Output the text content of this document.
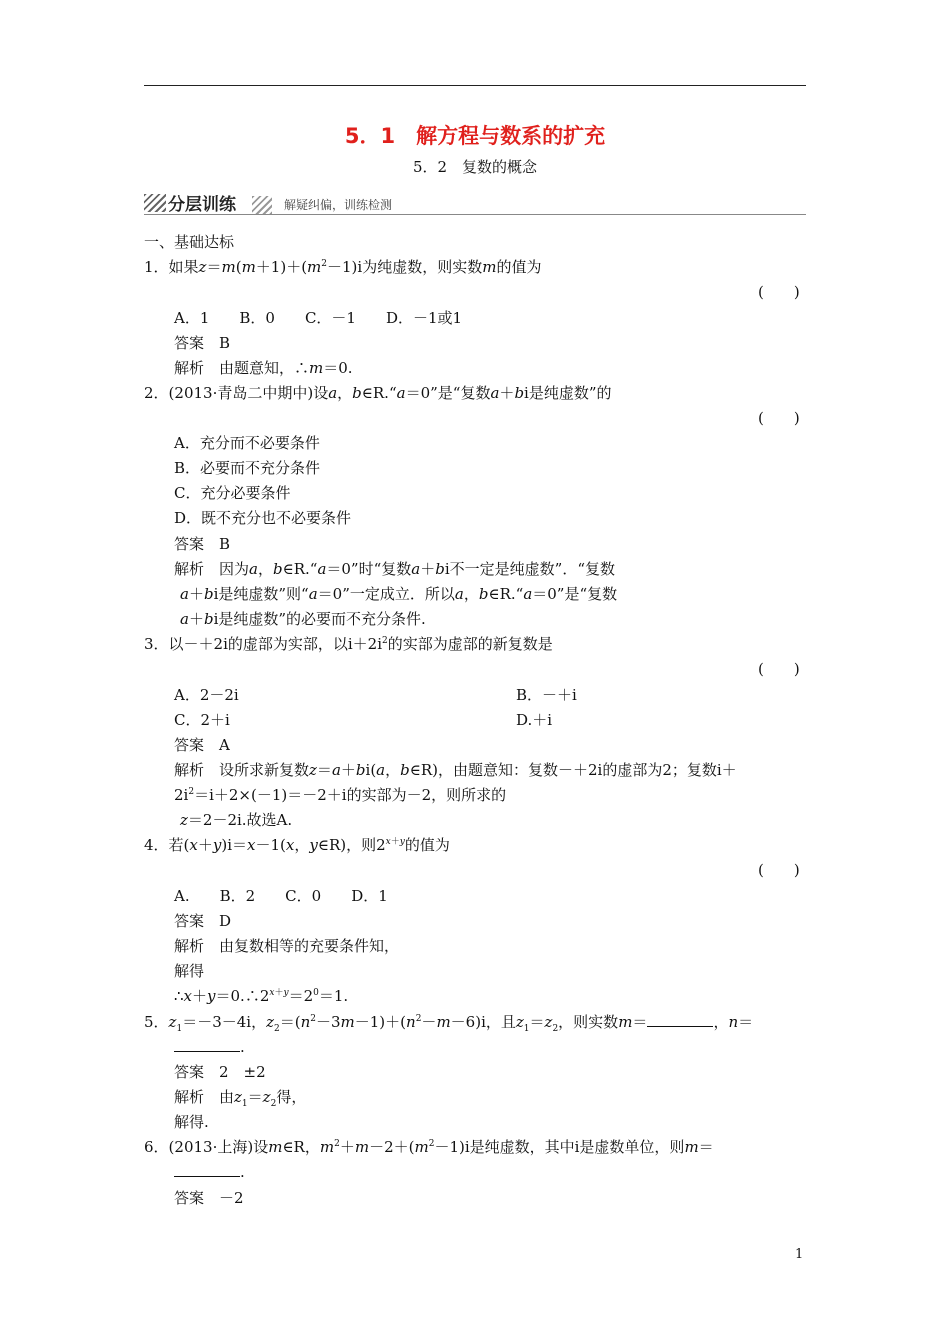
5．1　解方程与数系的扩充
5．2　复数的概念
分层训练	解疑纠偏，训练检测
一、基础达标
1．如果$z=m(m+1)+(m^2-1)i$为纯虚数，则实数m的值为
(　　)
A．1　　B．0　　C．－1　　D．－1或1
答案　B
解析　由题意知，∴m＝0.
2．(2013·青岛二中期中)设a，b∈R.“a＝0”是“复数a＋bi是纯虚数”的
(　　)
A．充分而不必要条件
B．必要而不充分条件
C．充分必要条件
D．既不充分也不必要条件
答案　B
解析　因为a，b∈R.“a＝0”时“复数a＋bi不一定是纯虚数”．“复数
a＋bi是纯虚数”则“a＝0”一定成立．所以a，b∈R.“a＝0”是“复数
a＋bi是纯虚数”的必要而不充分条件.
3．以－＋2i的虚部为实部，以$i+2i^2$的实部为虚部的新复数是
(　　)
A．2－2i	B．－＋i
C．2＋i	D.＋i
答案　A
解析　设所求新复数z＝a＋bi(a，b∈R)，由题意知：复数－＋2i的虚部为2；复数i＋
$2i^2=i+2\times(-1)=-2+i$的实部为－2，则所求的
z＝2－2i.故选A.
4．若(x＋y)i＝x－1(x，y∈R)，则$2^{x+y}$的值为
(　　)
A.　　B．2　　C．0　　D．1
答案　D
解析　由复数相等的充要条件知，
解得
$\therefore x+y=0.\therefore 2^{x+y}=2^0=1$.
5．$z_1=-3-4i$，$z_2=(n^2-3m-1)+(n^2-m-6)i$，且$z_1=z_2$，则实数m＝	，n＝
.
答案　2　±2
解析　由$z_1=z_2$得，
解得.
6．(2013·上海)设m∈R，$m^2+m-2+(m^2-1)i$是纯虚数，其中i是虚数单位，则m＝
.
答案　－2
1
